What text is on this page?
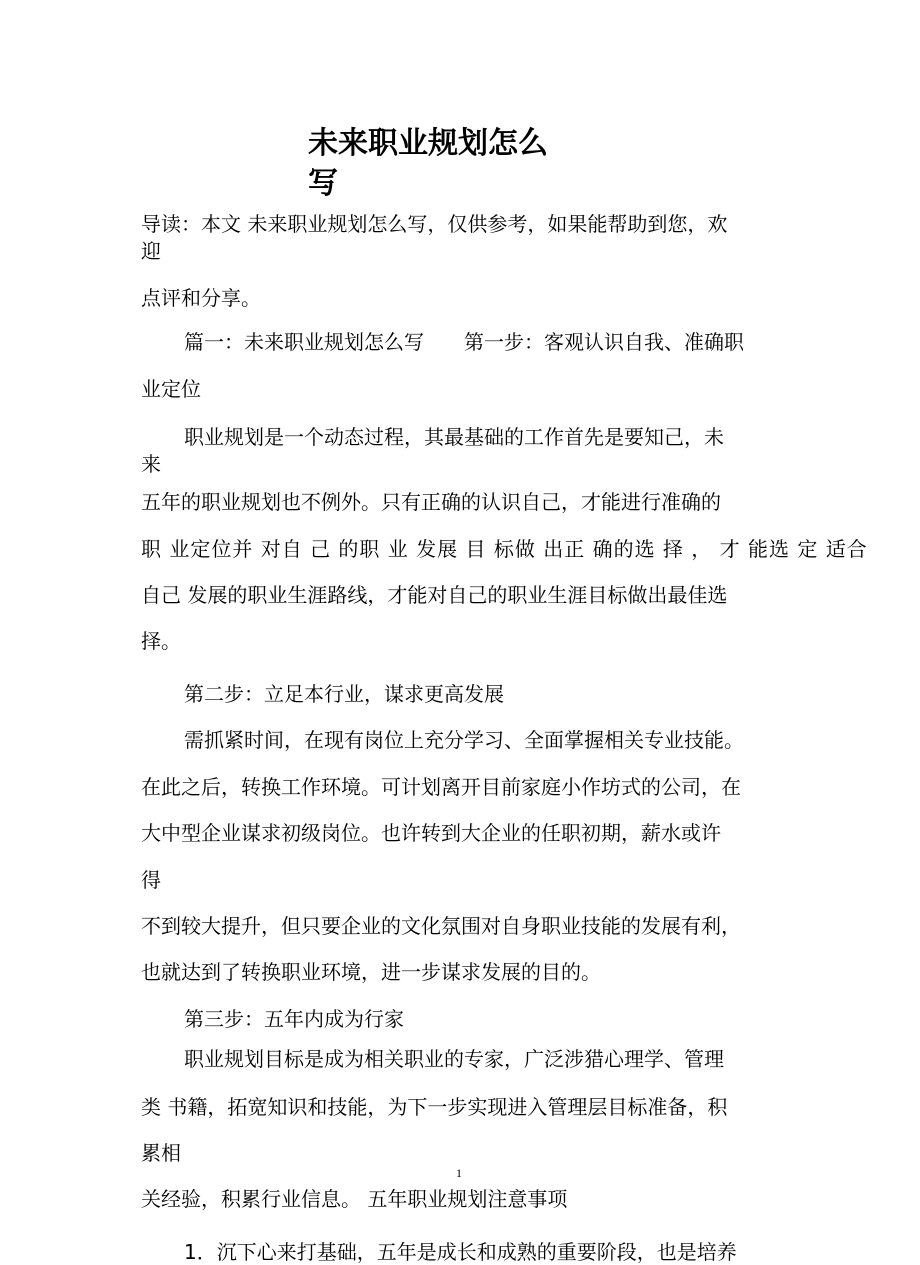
未来职业规划怎么
写
导读：本文 未来职业规划怎么写，仅供参考，如果能帮助到您，欢
迎
点评和分享。
篇一：未来职业规划怎么写　　第一步：客观认识自我、准确职
业定位
职业规划是一个动态过程，其最基础的工作首先是要知己，未
来
五年的职业规划也不例外。只有正确的认识自己，才能进行准确的
职 业定位并 对自 己 的职 业 发展 目 标做 出正 确的选 择 ， 才 能选 定 适合
自己 发展的职业生涯路线，才能对自己的职业生涯目标做出最佳选
择。
第二步：立足本行业，谋求更高发展
需抓紧时间，在现有岗位上充分学习、全面掌握相关专业技能。
在此之后，转换工作环境。可计划离开目前家庭小作坊式的公司，在
大中型企业谋求初级岗位。也许转到大企业的任职初期，薪水或许
得
不到较大提升，但只要企业的文化氛围对自身职业技能的发展有利，
也就达到了转换职业环境，进一步谋求发展的目的。
第三步：五年内成为行家
职业规划目标是成为相关职业的专家，广泛涉猎心理学、管理
类 书籍，拓宽知识和技能，为下一步实现进入管理层目标准备，积
累相
关经验，积累行业信息。 五年职业规划注意事项
1．沉下心来打基础，五年是成长和成熟的重要阶段，也是培养
1
